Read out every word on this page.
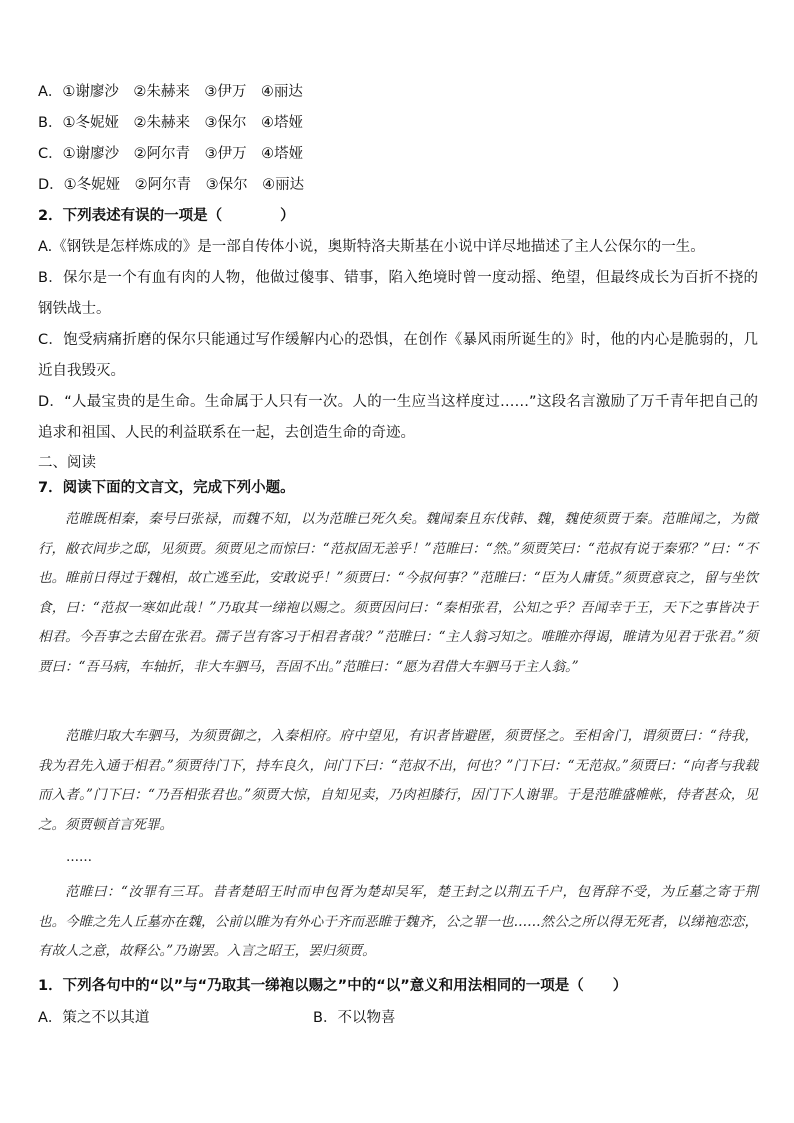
A．①谢廖沙　②朱赫来　③伊万　④丽达
B．①冬妮娅　②朱赫来　③保尔　④塔娅
C．①谢廖沙　②阿尔青　③伊万　④塔娅
D．①冬妮娅　②阿尔青　③保尔　④丽达
2．下列表述有误的一项是（　　　　）
A.《钢铁是怎样炼成的》是一部自传体小说，奥斯特洛夫斯基在小说中详尽地描述了主人公保尔的一生。
B．保尔是一个有血有肉的人物，他做过傻事、错事，陷入绝境时曾一度动摇、绝望，但最终成长为百折不挠的钢铁战士。
C．饱受病痛折磨的保尔只能通过写作缓解内心的恐惧，在创作《暴风雨所诞生的》时，他的内心是脆弱的，几近自我毁灭。
D．“人最宝贵的是生命。生命属于人只有一次。人的一生应当这样度过……”这段名言激励了万千青年把自己的追求和祖国、人民的利益联系在一起，去创造生命的奇迹。
二、阅读
7．阅读下面的文言文，完成下列小题。
范睢既相秦，秦号曰张禄，而魏不知，以为范睢已死久矣。魏闻秦且东伐韩、魏，魏使须贾于秦。范睢闻之，为微行，敝衣间步之邸，见须贾。须贾见之而惊曰：“范叔固无恙乎！”范睢曰：“然。”须贾笑曰：“范叔有说于秦邪？”曰：“不也。睢前日得过于魏相，故亡逃至此，安敢说乎！”须贾曰：“今叔何事？”范睢曰：“臣为人庸赁。”须贾意哀之，留与坐饮食，曰：“范叔一寒如此哉！”乃取其一绨袍以赐之。须贾因问曰：“秦相张君，公知之乎？吾闻幸于王，天下之事皆决于相君。今吾事之去留在张君。孺子岂有客习于相君者哉？”范睢曰：“主人翁习知之。唯睢亦得谒，睢请为见君于张君。”须贾曰：“吾马病，车轴折，非大车驷马，吾固不出。”范睢曰：“愿为君借大车驷马于主人翁。”
范睢归取大车驷马，为须贾御之，入秦相府。府中望见，有识者皆避匿，须贾怪之。至相舍门，谓须贾曰：“待我，我为君先入通于相君。”须贾待门下，持车良久，问门下曰：“范叔不出，何也？”门下曰：“无范叔。”须贾曰：“向者与我载而入者。”门下曰：“乃吾相张君也。”须贾大惊，自知见卖，乃肉袒膝行，因门下人谢罪。于是范睢盛帷帐，侍者甚众，见之。须贾顿首言死罪。
……
范睢曰：“汝罪有三耳。昔者楚昭王时而申包胥为楚却吴军，楚王封之以荆五千户，包胥辞不受，为丘墓之寄于荆也。今睢之先人丘墓亦在魏，公前以睢为有外心于齐而恶睢于魏齐，公之罪一也……然公之所以得无死者，以绨袍恋恋，有故人之意，故释公。”乃谢罢。入言之昭王，罢归须贾。
1．下列各句中的“以”与“乃取其一绨袍以赐之”中的“以”意义和用法相同的一项是（　　）
A．策之不以其道	B．不以物喜
